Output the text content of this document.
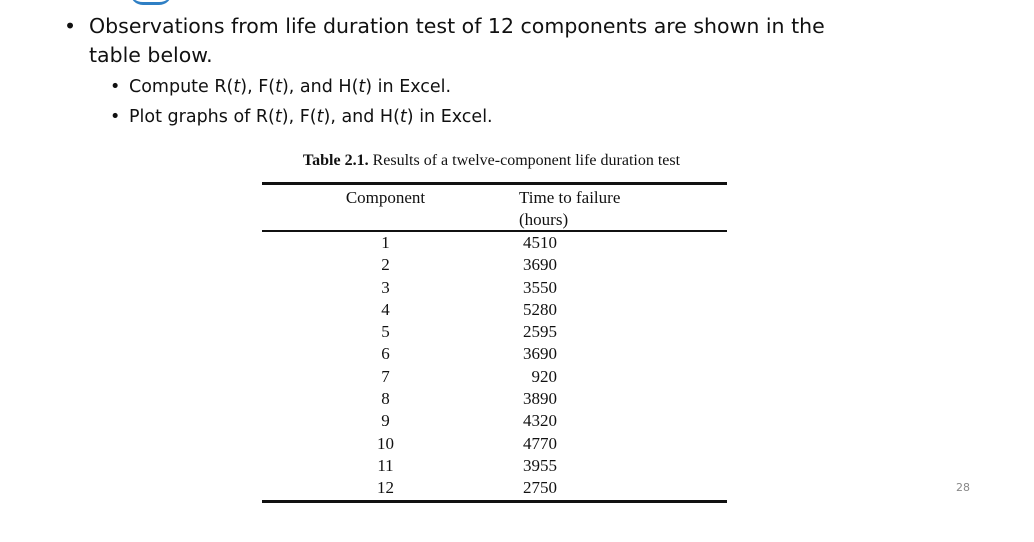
• Observations from life duration test of 12 components are shown in the table below.
• Compute R(t), F(t), and H(t) in Excel.
• Plot graphs of R(t), F(t), and H(t) in Excel.
Table 2.1. Results of a twelve-component life duration test
Component	Time to failure (hours)
1	4510
2	3690
3	3550
4	5280
5	2595
6	3690
7	920
8	3890
9	4320
10	4770
11	3955
12	2750	28
